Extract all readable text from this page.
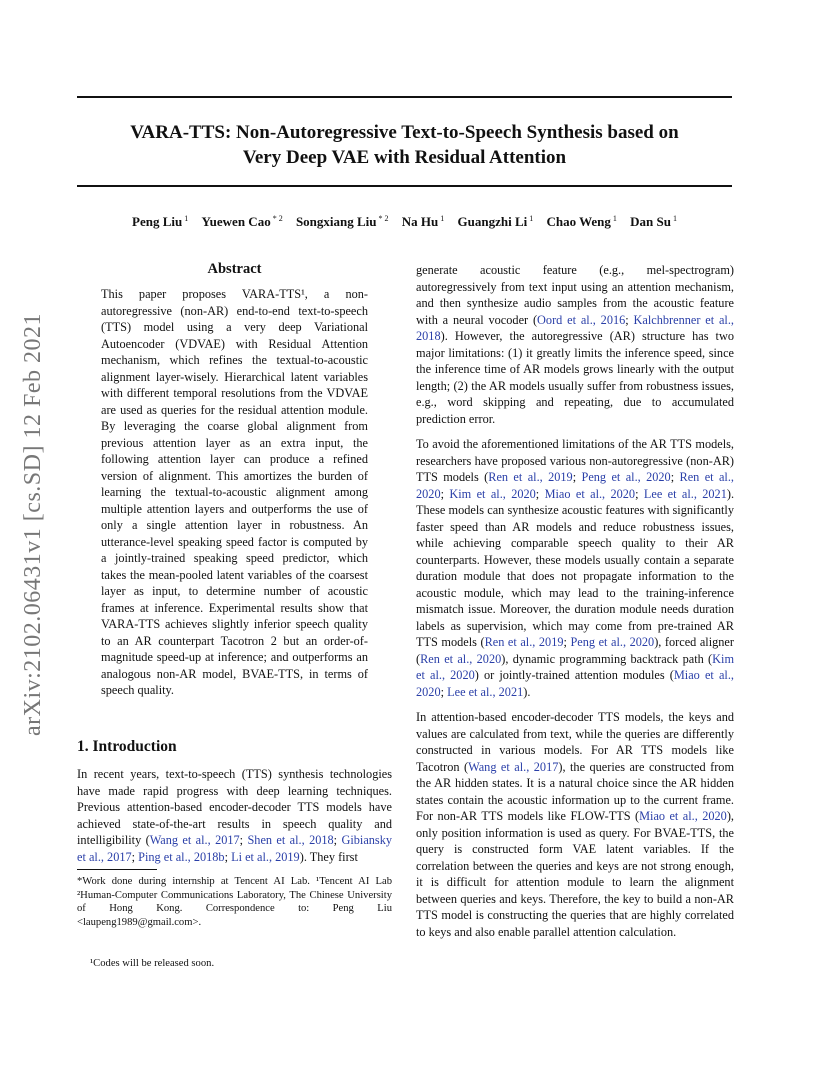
VARA-TTS: Non-Autoregressive Text-to-Speech Synthesis based on
Very Deep VAE with Residual Attention
Peng Liu $^1$ Yuewen Cao $^{* 2}$ Songxiang Liu $^{* 2}$ Na Hu $^1$ Guangzhi Li $^1$ Chao Weng $^1$ Dan Su $^1$
arXiv:2102.06431v1 [cs.SD] 12 Feb 2021
Abstract
This paper proposes VARA-TTS¹, a non-autoregressive (non-AR) end-to-end text-to-speech (TTS) model using a very deep Variational Autoencoder (VDVAE) with Residual Attention mechanism, which refines the textual-to-acoustic alignment layer-wisely. Hierarchical latent variables with different temporal resolutions from the VDVAE are used as queries for the residual attention module. By leveraging the coarse global alignment from previous attention layer as an extra input, the following attention layer can produce a refined version of alignment. This amortizes the burden of learning the textual-to-acoustic alignment among multiple attention layers and outperforms the use of only a single attention layer in robustness. An utterance-level speaking speed factor is computed by a jointly-trained speaking speed predictor, which takes the mean-pooled latent variables of the coarsest layer as input, to determine number of acoustic frames at inference. Experimental results show that VARA-TTS achieves slightly inferior speech quality to an AR counterpart Tacotron 2 but an order-of-magnitude speed-up at inference; and outperforms an analogous non-AR model, BVAE-TTS, in terms of speech quality.
1. Introduction
In recent years, text-to-speech (TTS) synthesis technologies have made rapid progress with deep learning techniques. Previous attention-based encoder-decoder TTS models have achieved state-of-the-art results in speech quality and intelligibility (Wang et al., 2017; Shen et al., 2018; Gibiansky et al., 2017; Ping et al., 2018b; Li et al., 2019). They first
*Work done during internship at Tencent AI Lab. ¹Tencent AI Lab ²Human-Computer Communications Laboratory, The Chinese University of Hong Kong. Correspondence to: Peng Liu <laupeng1989@gmail.com>.
¹Codes will be released soon.

generate acoustic feature (e.g., mel-spectrogram) autoregressively from text input using an attention mechanism, and then synthesize audio samples from the acoustic feature with a neural vocoder (Oord et al., 2016; Kalchbrenner et al., 2018). However, the autoregressive (AR) structure has two major limitations: (1) it greatly limits the inference speed, since the inference time of AR models grows linearly with the output length; (2) the AR models usually suffer from robustness issues, e.g., word skipping and repeating, due to accumulated prediction error.

To avoid the aforementioned limitations of the AR TTS models, researchers have proposed various non-autoregressive (non-AR) TTS models (Ren et al., 2019; Peng et al., 2020; Ren et al., 2020; Kim et al., 2020; Miao et al., 2020; Lee et al., 2021). These models can synthesize acoustic features with significantly faster speed than AR models and reduce robustness issues, while achieving comparable speech quality to their AR counterparts. However, these models usually contain a separate duration module that does not propagate information to the acoustic module, which may lead to the training-inference mismatch issue. Moreover, the duration module needs duration labels as supervision, which may come from pre-trained AR TTS models (Ren et al., 2019; Peng et al., 2020), forced aligner (Ren et al., 2020), dynamic programming backtrack path (Kim et al., 2020) or jointly-trained attention modules (Miao et al., 2020; Lee et al., 2021).

In attention-based encoder-decoder TTS models, the keys and values are calculated from text, while the queries are differently constructed in various models. For AR TTS models like Tacotron (Wang et al., 2017), the queries are constructed from the AR hidden states. It is a natural choice since the AR hidden states contain the acoustic information up to the current frame. For non-AR TTS models like FLOW-TTS (Miao et al., 2020), only position information is used as query. For BVAE-TTS, the query is constructed form VAE latent variables. If the correlation between the queries and keys are not strong enough, it is difficult for attention module to learn the alignment between queries and keys. Therefore, the key to build a non-AR TTS model is constructing the queries that are highly correlated to keys and also enable parallel attention calculation.
